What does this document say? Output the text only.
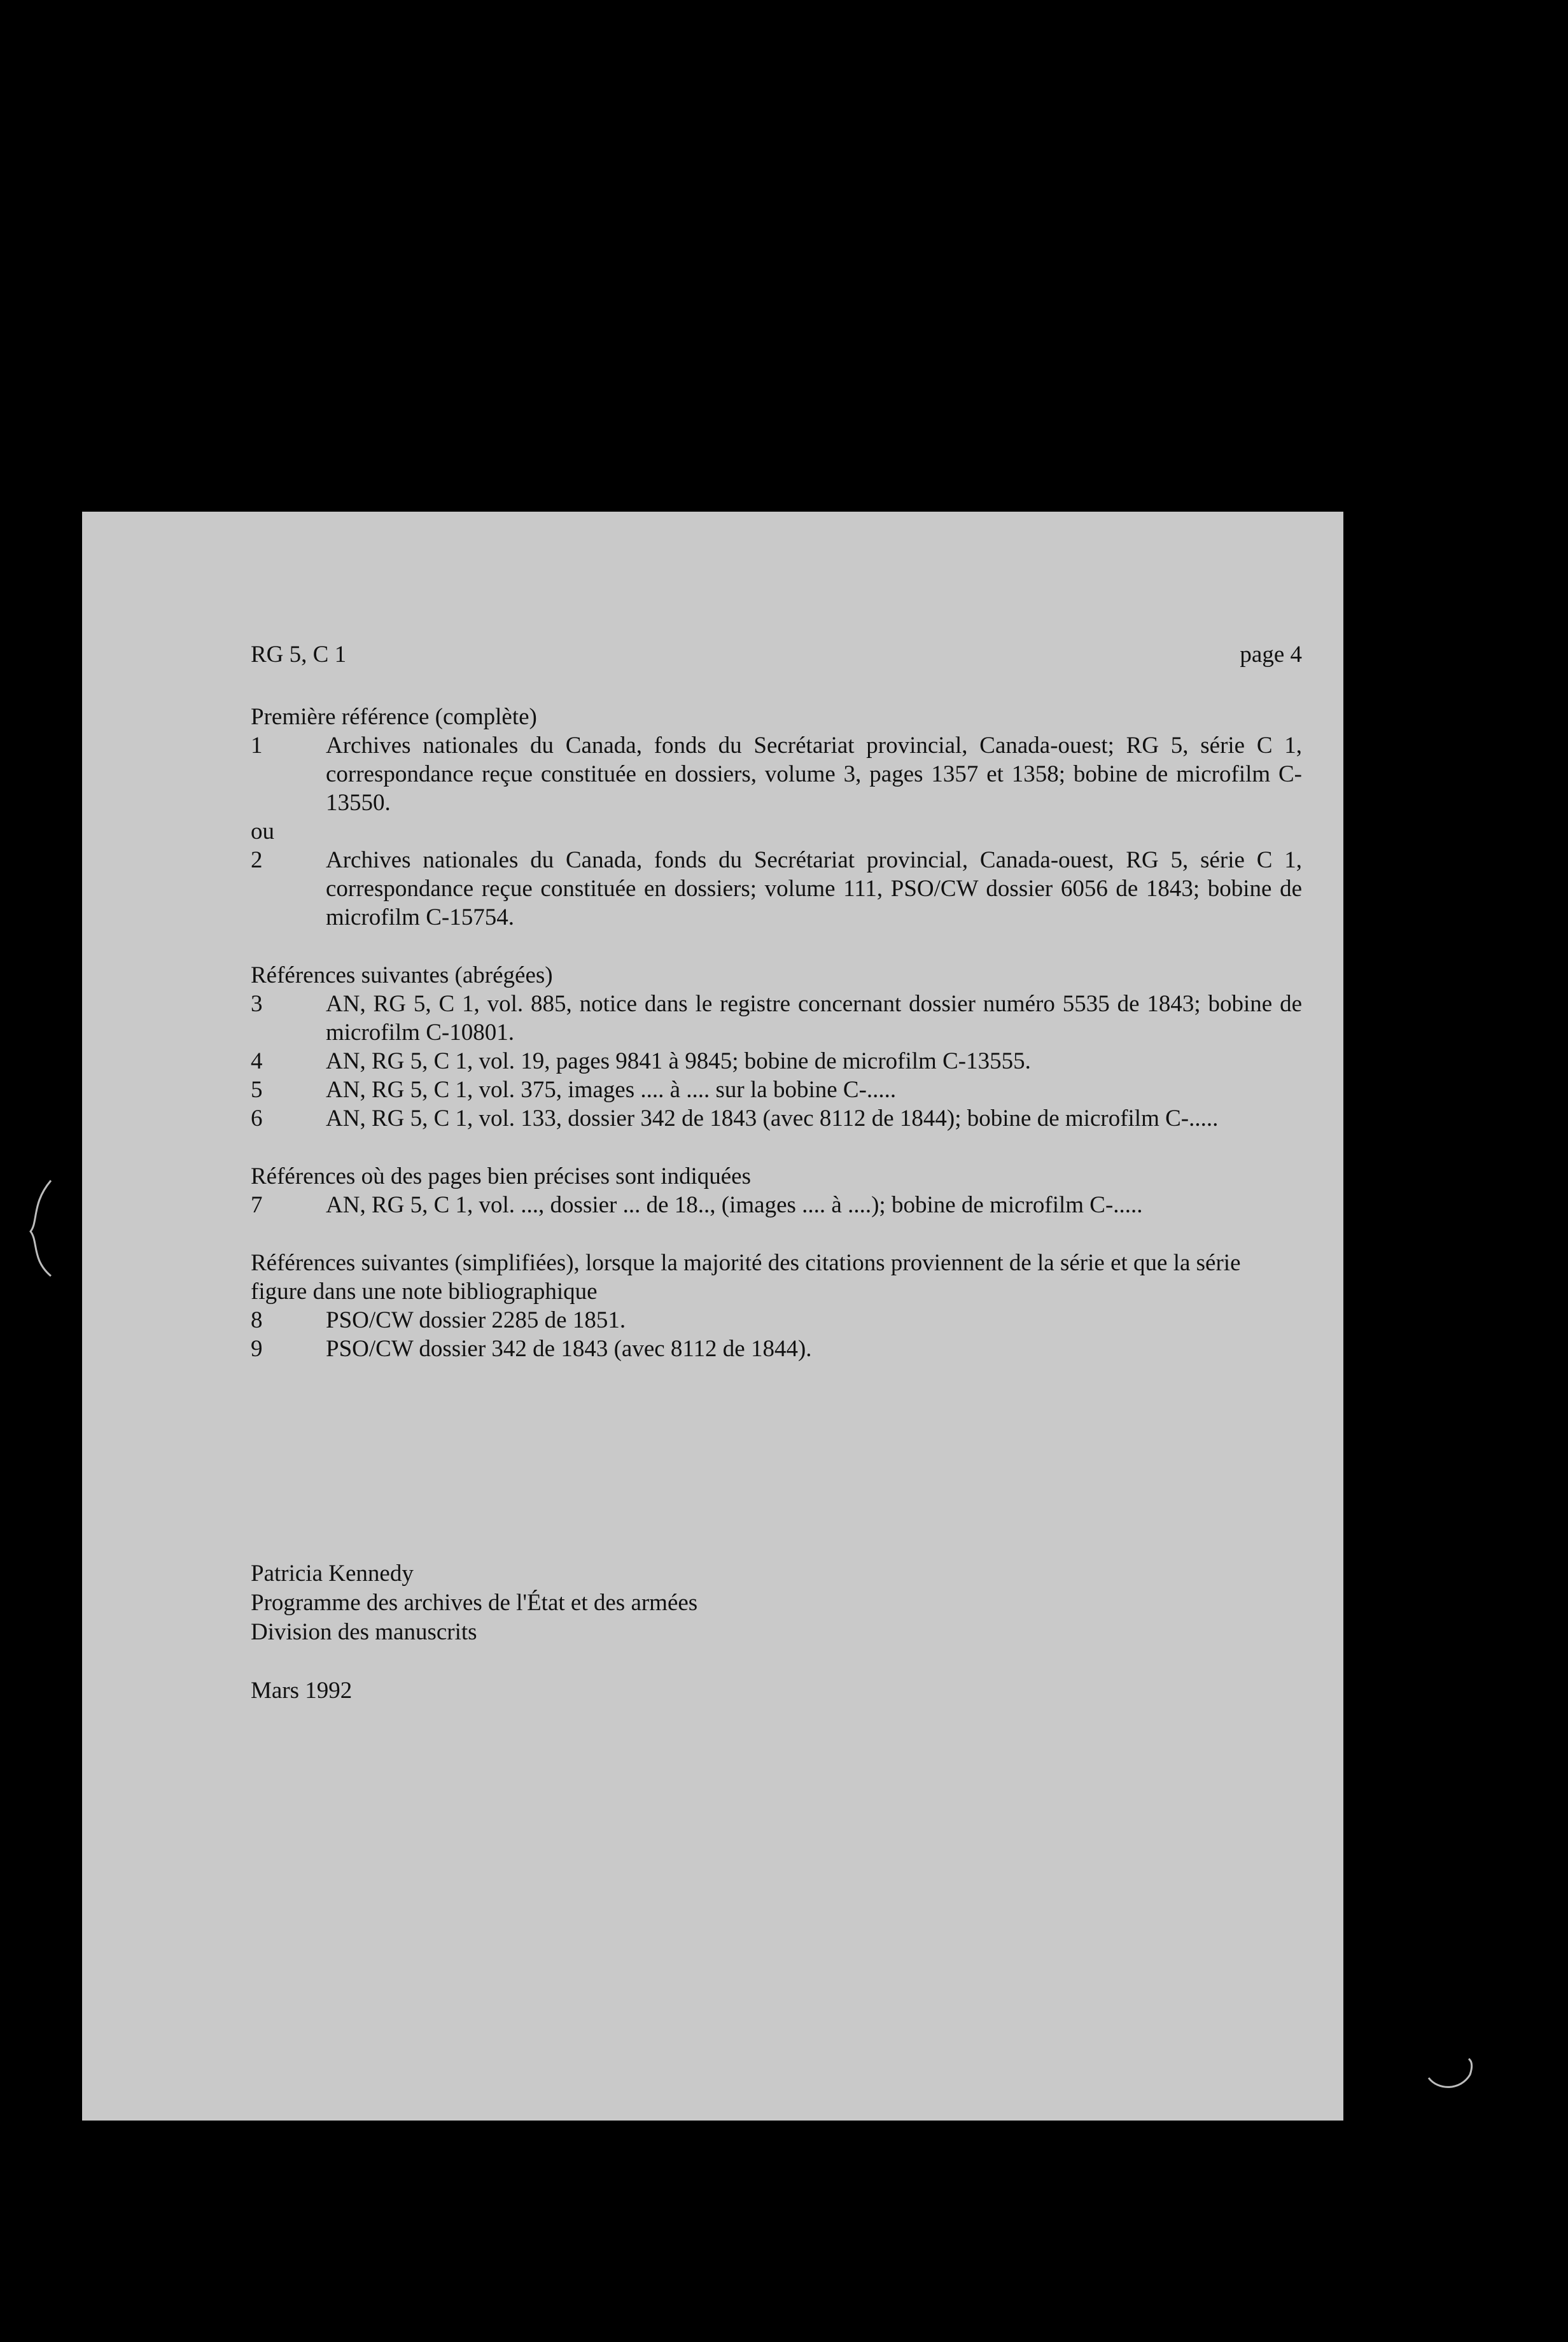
RG 5, C 1	page 4

Première référence (complète)

1	Archives nationales du Canada, fonds du Secrétariat provincial, Canada-ouest; RG 5, série C 1, correspondance reçue constituée en dossiers, volume 3, pages 1357 et 1358; bobine de microfilm C-13550.

ou

2	Archives nationales du Canada, fonds du Secrétariat provincial, Canada-ouest, RG 5, série C 1, correspondance reçue constituée en dossiers; volume 111, PSO/CW dossier 6056 de 1843; bobine de microfilm C-15754.

Références suivantes (abrégées)

3	AN, RG 5, C 1, vol. 885, notice dans le registre concernant dossier numéro 5535 de 1843; bobine de microfilm C-10801.
4	AN, RG 5, C 1, vol. 19, pages 9841 à 9845; bobine de microfilm C-13555.
5	AN, RG 5, C 1, vol. 375, images .... à .... sur la bobine C-.....
6	AN, RG 5, C 1, vol. 133, dossier 342 de 1843 (avec 8112 de 1844); bobine de microfilm C-.....

Références où des pages bien précises sont indiquées

7	AN, RG 5, C 1, vol. ..., dossier ... de 18.., (images .... à ....); bobine de microfilm C-.....

Références suivantes (simplifiées), lorsque la majorité des citations proviennent de la série et que la série figure dans une note bibliographique

8	PSO/CW dossier 2285 de 1851.
9	PSO/CW dossier 342 de 1843 (avec 8112 de 1844).
Patricia Kennedy
Programme des archives de l'État et des armées
Division des manuscrits
Mars 1992
